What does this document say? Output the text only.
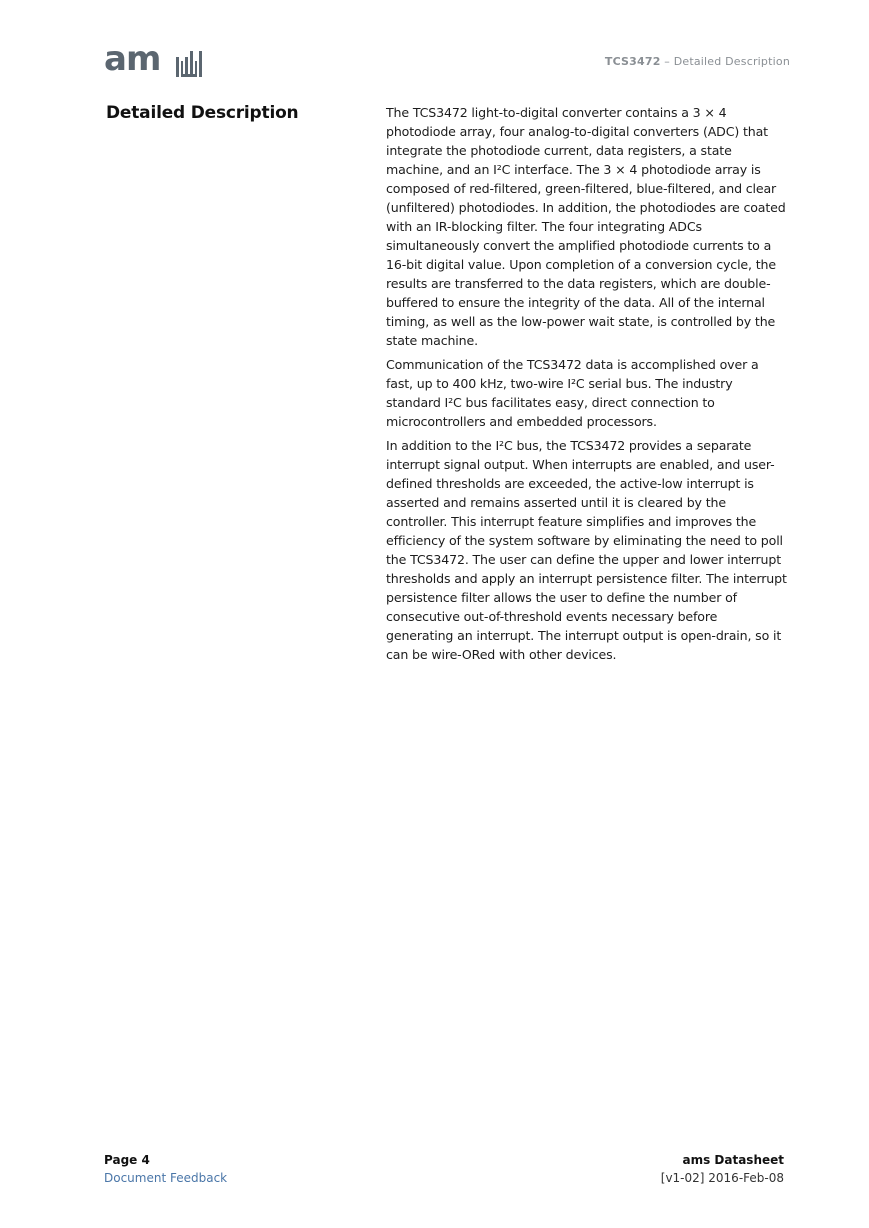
am	TCS3472 – Detailed Description
Detailed Description	The TCS3472 light-to-digital converter contains a 3 × 4 photodiode array, four analog-to-digital converters (ADC) that integrate the photodiode current, data registers, a state machine, and an I²C interface. The 3 × 4 photodiode array is composed of red-filtered, green-filtered, blue-filtered, and clear (unfiltered) photodiodes. In addition, the photodiodes are coated with an IR-blocking filter. The four integrating ADCs simultaneously convert the amplified photodiode currents to a 16-bit digital value. Upon completion of a conversion cycle, the results are transferred to the data registers, which are double-buffered to ensure the integrity of the data. All of the internal timing, as well as the low-power wait state, is controlled by the state machine.

Communication of the TCS3472 data is accomplished over a fast, up to 400 kHz, two-wire I²C serial bus. The industry standard I²C bus facilitates easy, direct connection to microcontrollers and embedded processors.

In addition to the I²C bus, the TCS3472 provides a separate interrupt signal output. When interrupts are enabled, and user-defined thresholds are exceeded, the active-low interrupt is asserted and remains asserted until it is cleared by the controller. This interrupt feature simplifies and improves the efficiency of the system software by eliminating the need to poll the TCS3472. The user can define the upper and lower interrupt thresholds and apply an interrupt persistence filter. The interrupt persistence filter allows the user to define the number of consecutive out-of-threshold events necessary before generating an interrupt. The interrupt output is open-drain, so it can be wire-ORed with other devices.

Page 4
Document Feedback
ams Datasheet
[v1-02] 2016-Feb-08
